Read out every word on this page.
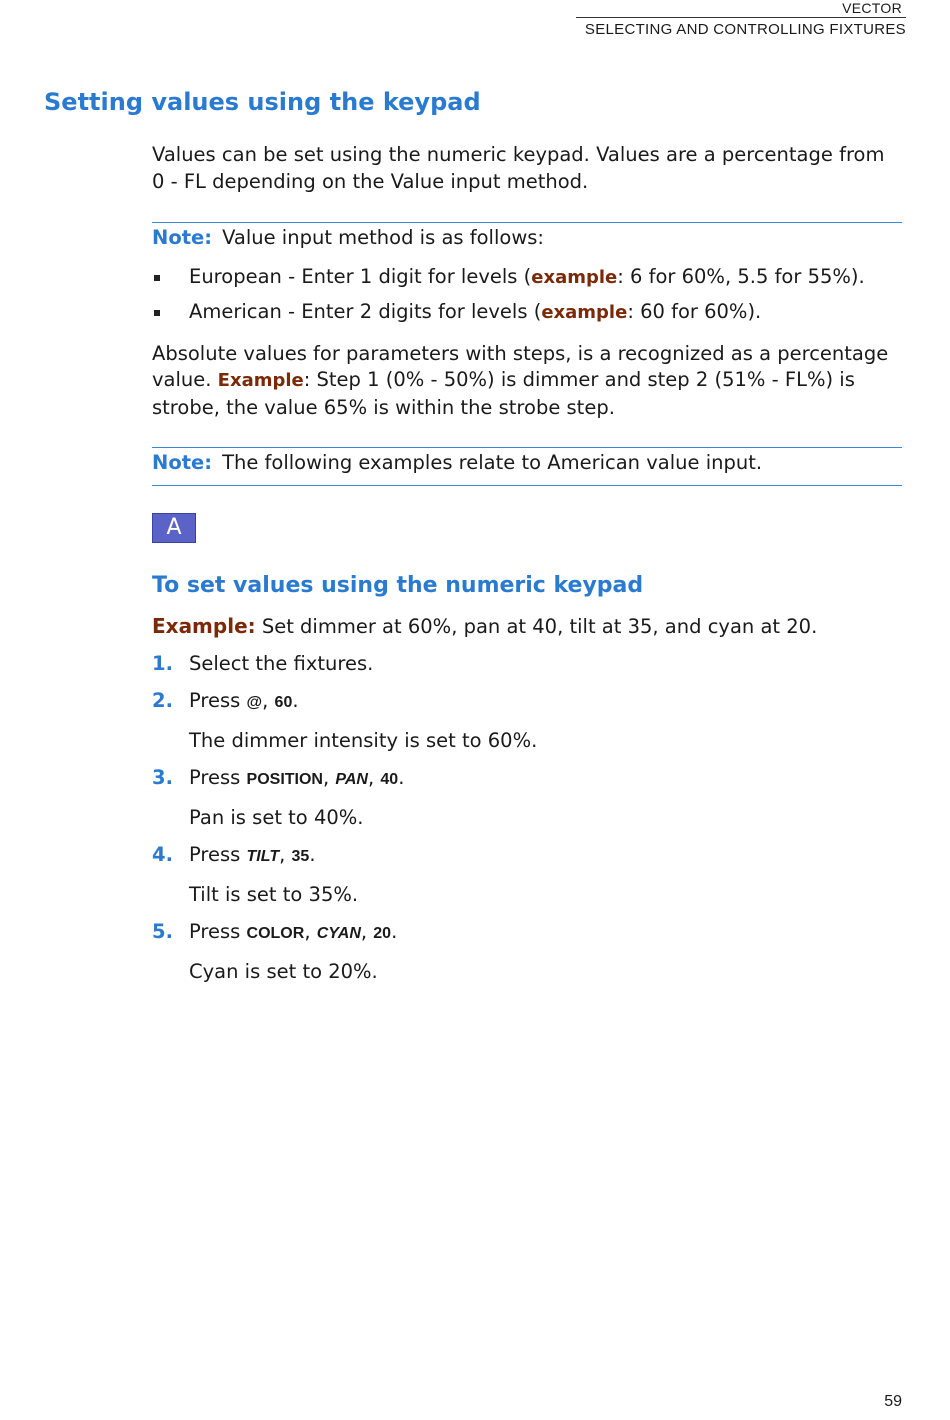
VECTOR
SELECTING AND CONTROLLING FIXTURES
Setting values using the keypad

Values can be set using the numeric keypad. Values are a percentage from 0 - FL depending on the Value input method.

Note: Value input method is as follows:

European - Enter 1 digit for levels (example: 6 for 60%, 5.5 for 55%).
American - Enter 2 digits for levels (example: 60 for 60%).

Absolute values for parameters with steps, is a recognized as a percentage value. Example: Step 1 (0% - 50%) is dimmer and step 2 (51% - FL%) is strobe, the value 65% is within the strobe step.

Note: The following examples relate to American value input.

A
To set values using the numeric keypad

Example: Set dimmer at 60%, pan at 40, tilt at 35, and cyan at 20.

1. Select the fixtures.
2. Press @, 60.
The dimmer intensity is set to 60%.
3. Press POSITION, PAN, 40.
Pan is set to 40%.
4. Press TILT, 35.
Tilt is set to 35%.
5. Press COLOR, CYAN, 20.
Cyan is set to 20%.
59
